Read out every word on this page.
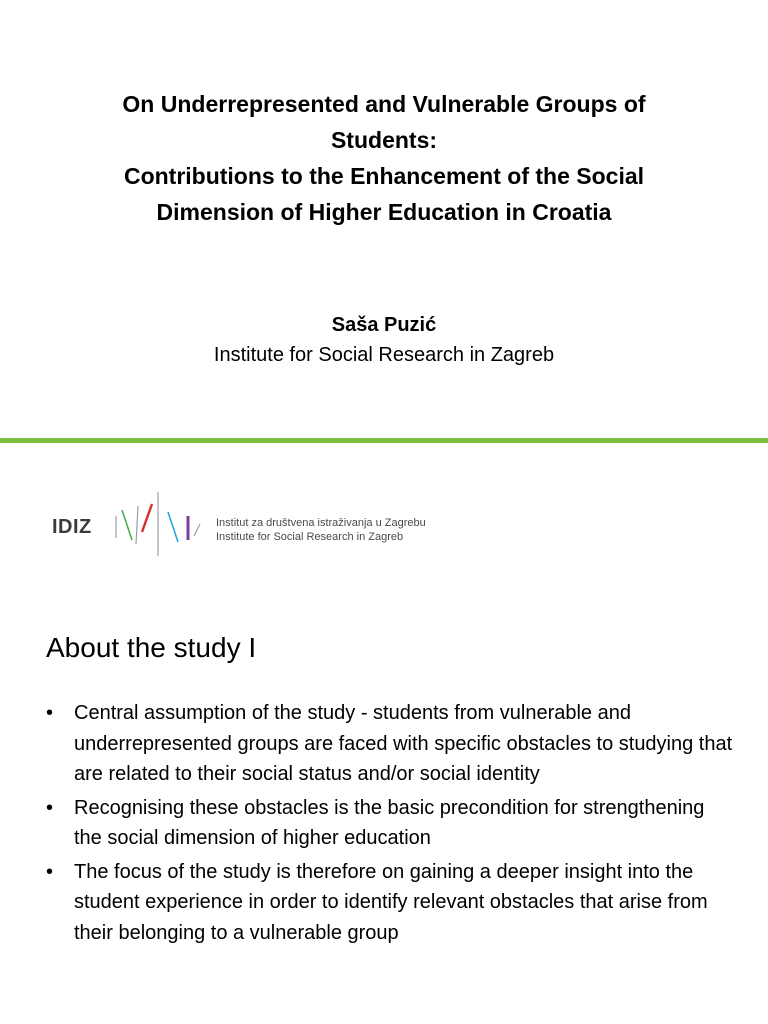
On Underrepresented and Vulnerable Groups of
Students:
Contributions to the Enhancement of the Social
Dimension of Higher Education in Croatia
Saša Puzić
Institute for Social Research in Zagreb
IDIZ	Institut za društvena istraživanja u Zagrebu
Institute for Social Research in Zagreb
About the study I
• Central assumption of the study - students from vulnerable and underrepresented groups are faced with specific obstacles to studying that are related to their social status and/or social identity
• Recognising these obstacles is the basic precondition for strengthening the social dimension of higher education
• The focus of the study is therefore on gaining a deeper insight into the student experience in order to identify relevant obstacles that arise from their belonging to a vulnerable group
